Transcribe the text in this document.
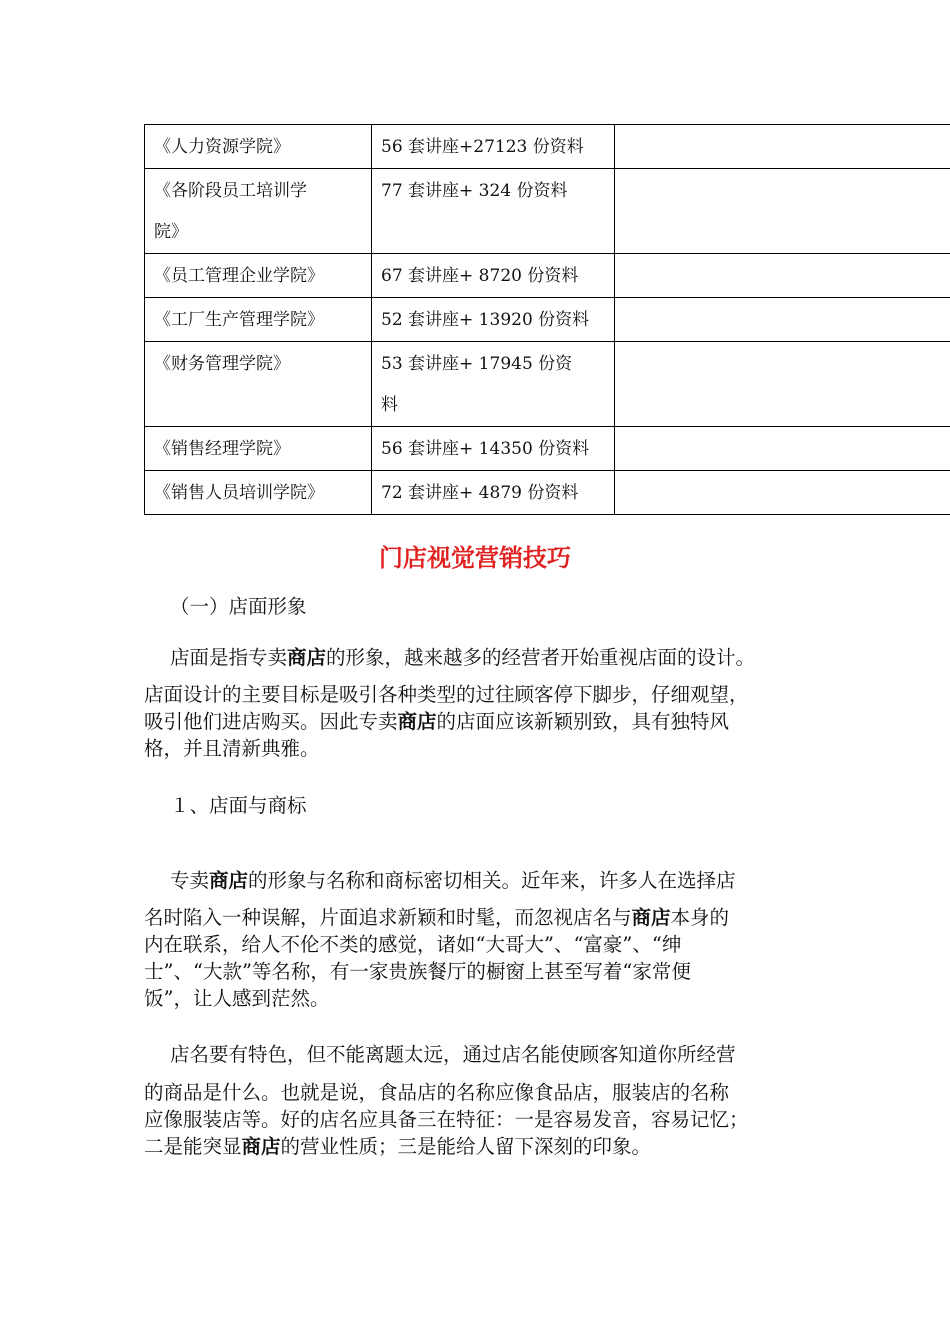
《人力资源学院》	56 套讲座+27123 份资料	

《各阶段员工培训学
院》	77 套讲座+ 324 份资料	

《员工管理企业学院》	67 套讲座+ 8720 份资料	

《工厂生产管理学院》	52 套讲座+ 13920 份资料	

《财务管理学院》	53 套讲座+ 17945 份资
料	

《销售经理学院》	56 套讲座+ 14350 份资料	

《销售人员培训学院》	72 套讲座+ 4879 份资料	

门店视觉营销技巧
（一）店面形象
店面是指专卖商店的形象，越来越多的经营者开始重视店面的设计。
店面设计的主要目标是吸引各种类型的过往顾客停下脚步，仔细观望，
吸引他们进店购买。因此专卖商店的店面应该新颖别致，具有独特风
格，并且清新典雅。
１、店面与商标
专卖商店的形象与名称和商标密切相关。近年来，许多人在选择店
名时陷入一种误解，片面追求新颖和时髦，而忽视店名与商店本身的
内在联系，给人不伦不类的感觉，诸如“大哥大”、“富豪”、“绅
士”、“大款”等名称，有一家贵族餐厅的橱窗上甚至写着“家常便
饭”，让人感到茫然。
店名要有特色，但不能离题太远，通过店名能使顾客知道你所经营
的商品是什么。也就是说，食品店的名称应像食品店，服装店的名称
应像服装店等。好的店名应具备三在特征：一是容易发音，容易记忆；
二是能突显商店的营业性质；三是能给人留下深刻的印象。
